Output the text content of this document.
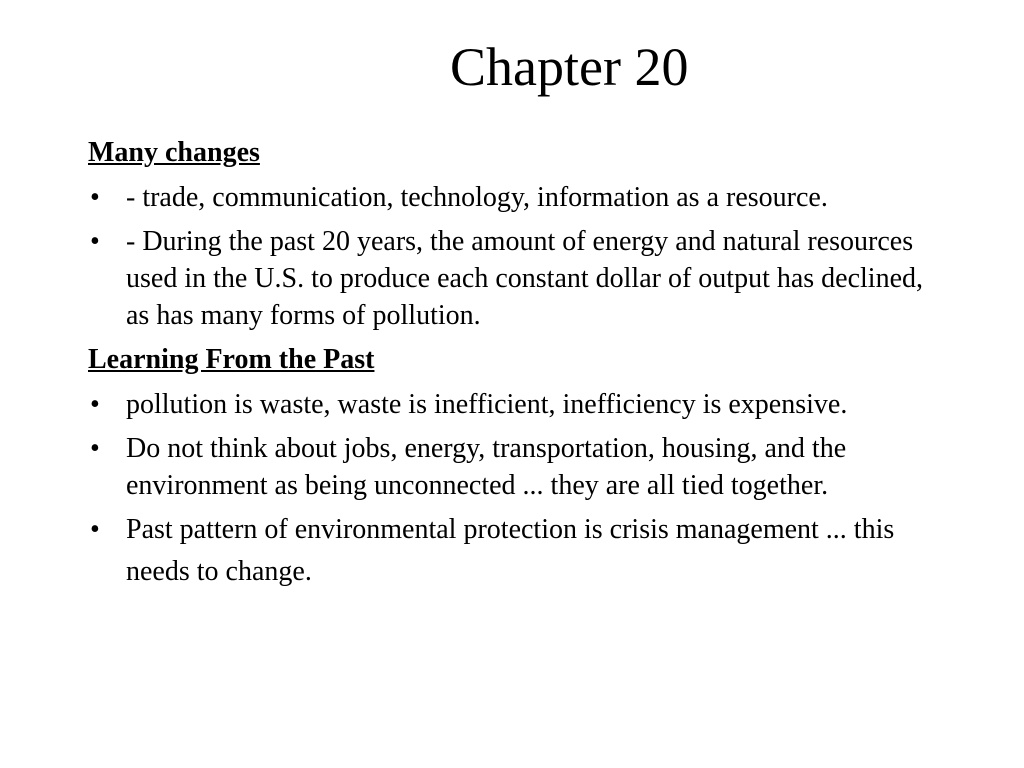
Chapter 20
Many changes
• - trade, communication, technology, information as a resource.
• - During the past 20 years, the amount of energy and natural resources used in the U.S. to produce each constant dollar of output has declined, as has many forms of pollution.
Learning From the Past
• pollution is waste, waste is inefficient, inefficiency is expensive.
• Do not think about jobs, energy, transportation, housing, and the environment as being unconnected ... they are all tied together.
• Past pattern of environmental protection is crisis management ... this needs to change.
